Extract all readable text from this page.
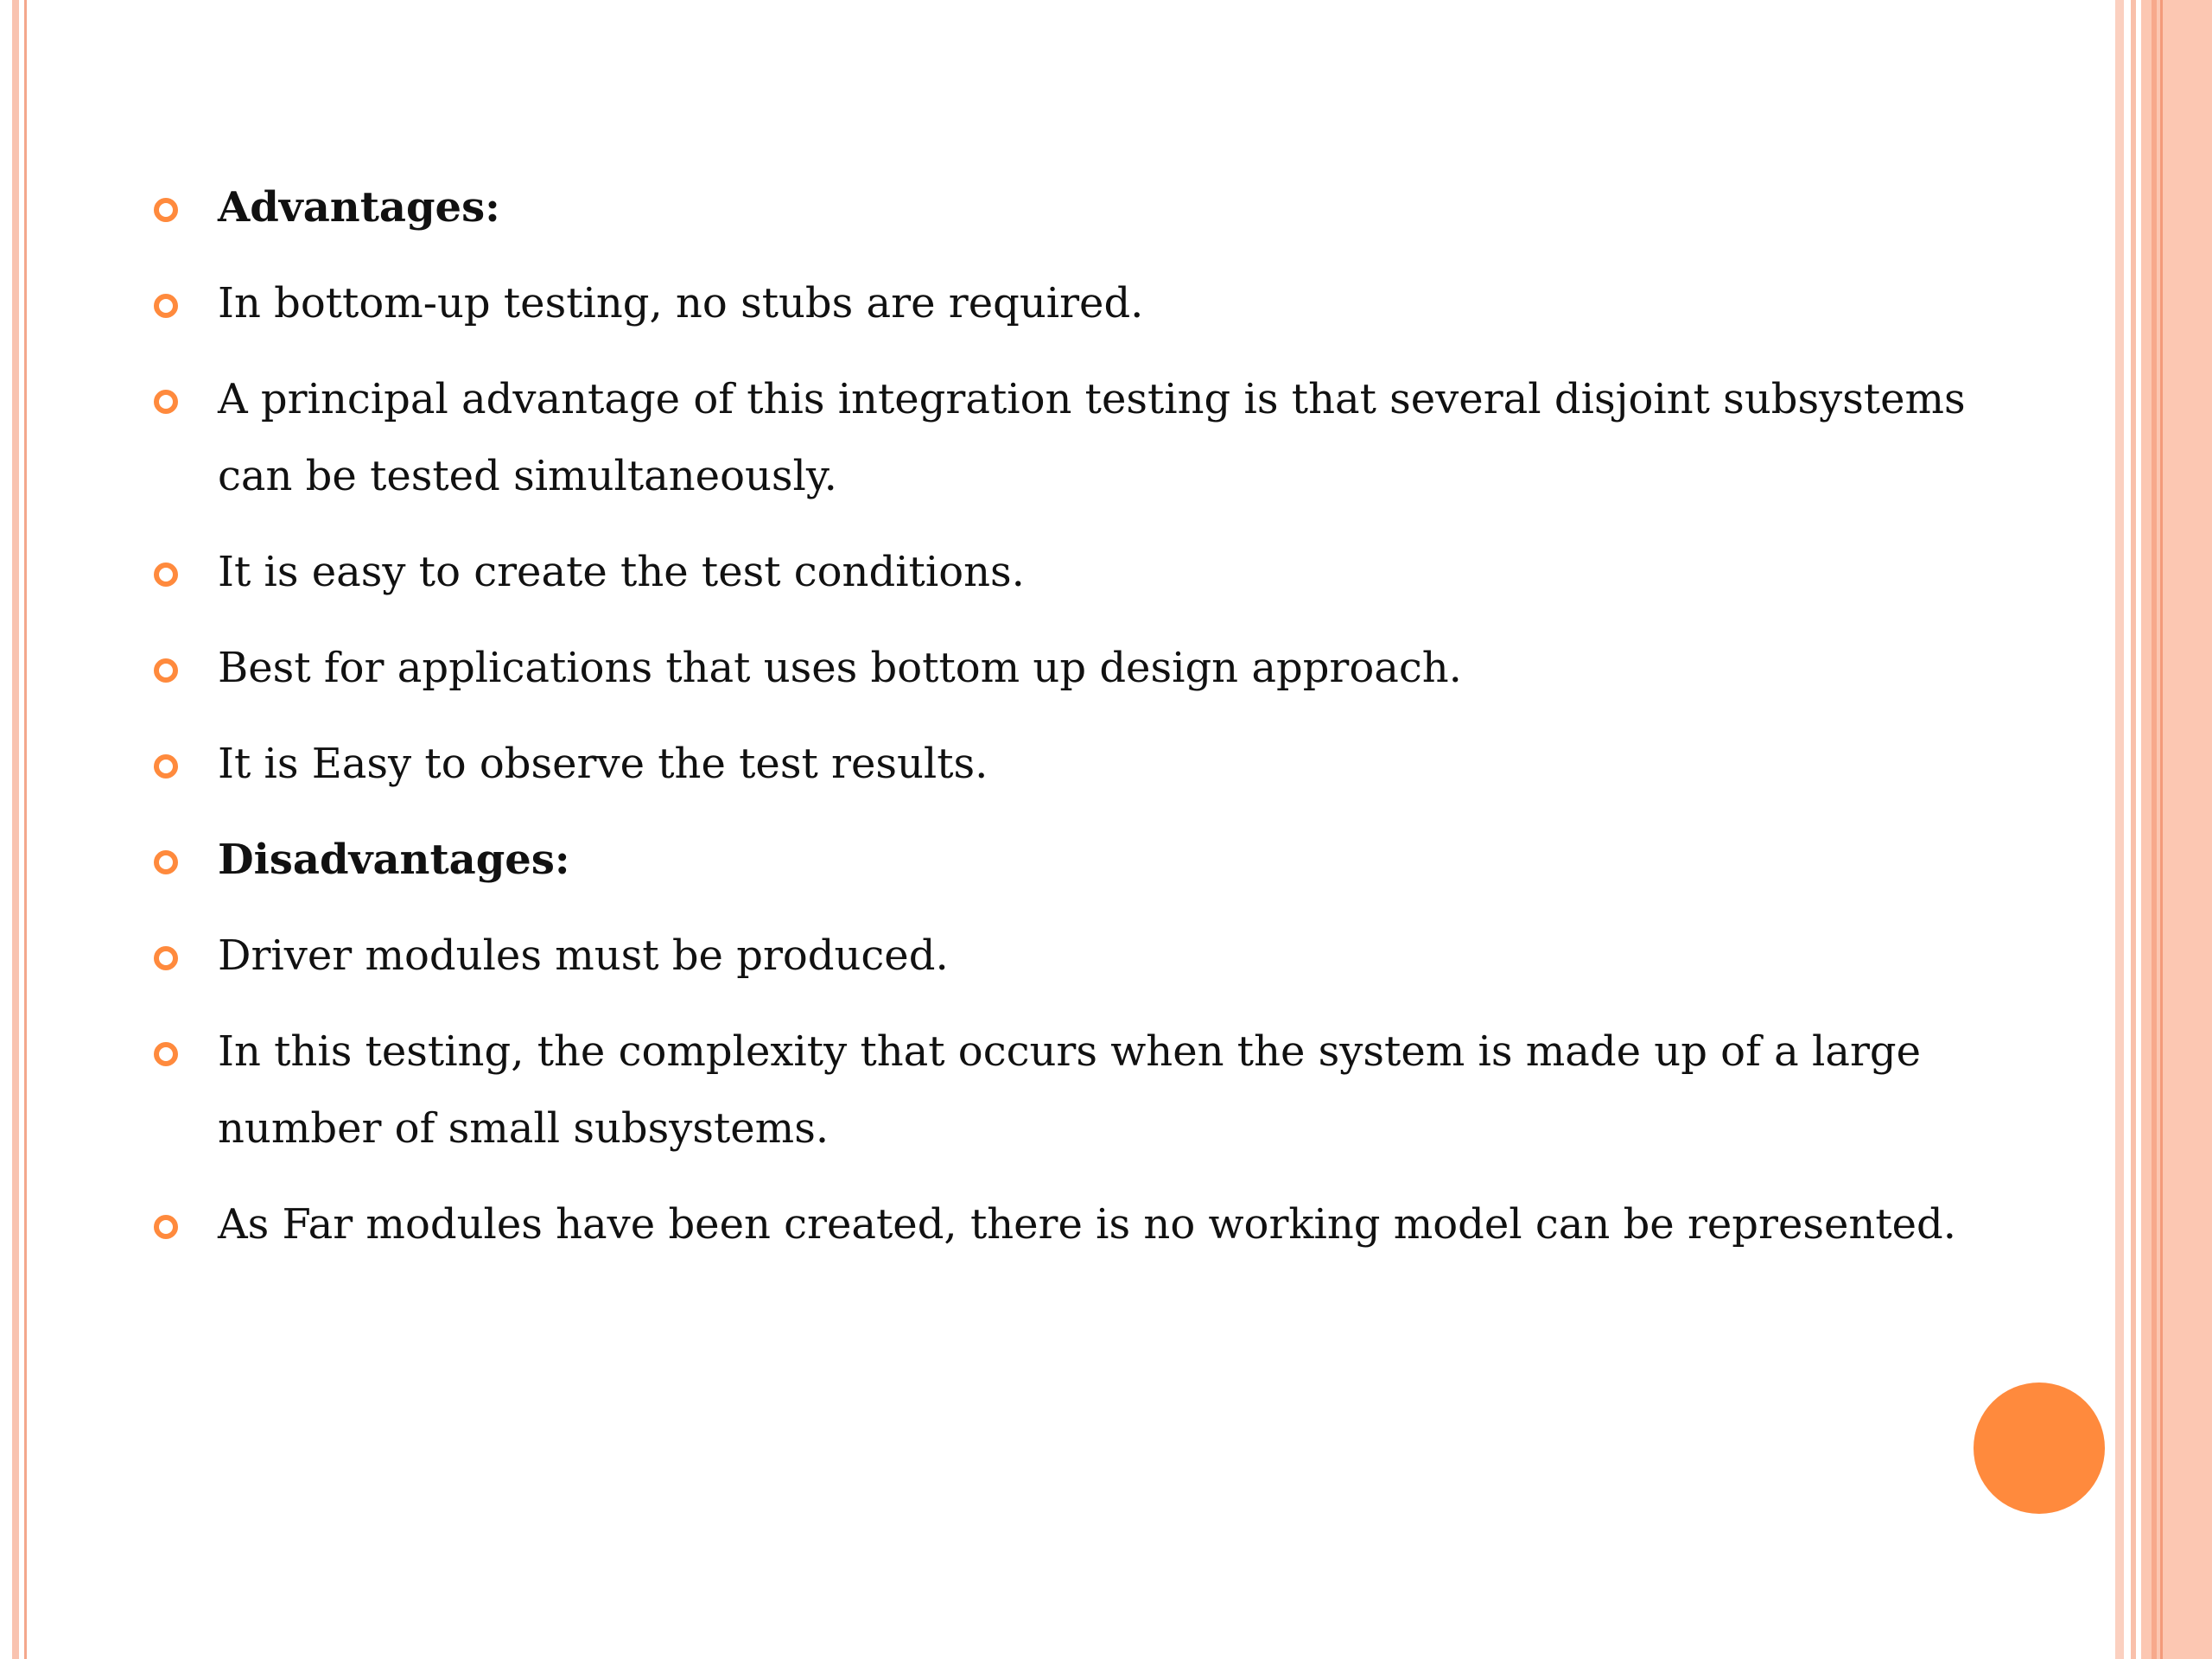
Advantages:
In bottom-up testing, no stubs are required.
A principal advantage of this integration testing is that several disjoint subsystems can be tested simultaneously.
It is easy to create the test conditions.
Best for applications that uses bottom up design approach.
It is Easy to observe the test results.
Disadvantages:
Driver modules must be produced.
In this testing, the complexity that occurs when the system is made up of a large number of small subsystems.
As Far modules have been created, there is no working model can be represented.
